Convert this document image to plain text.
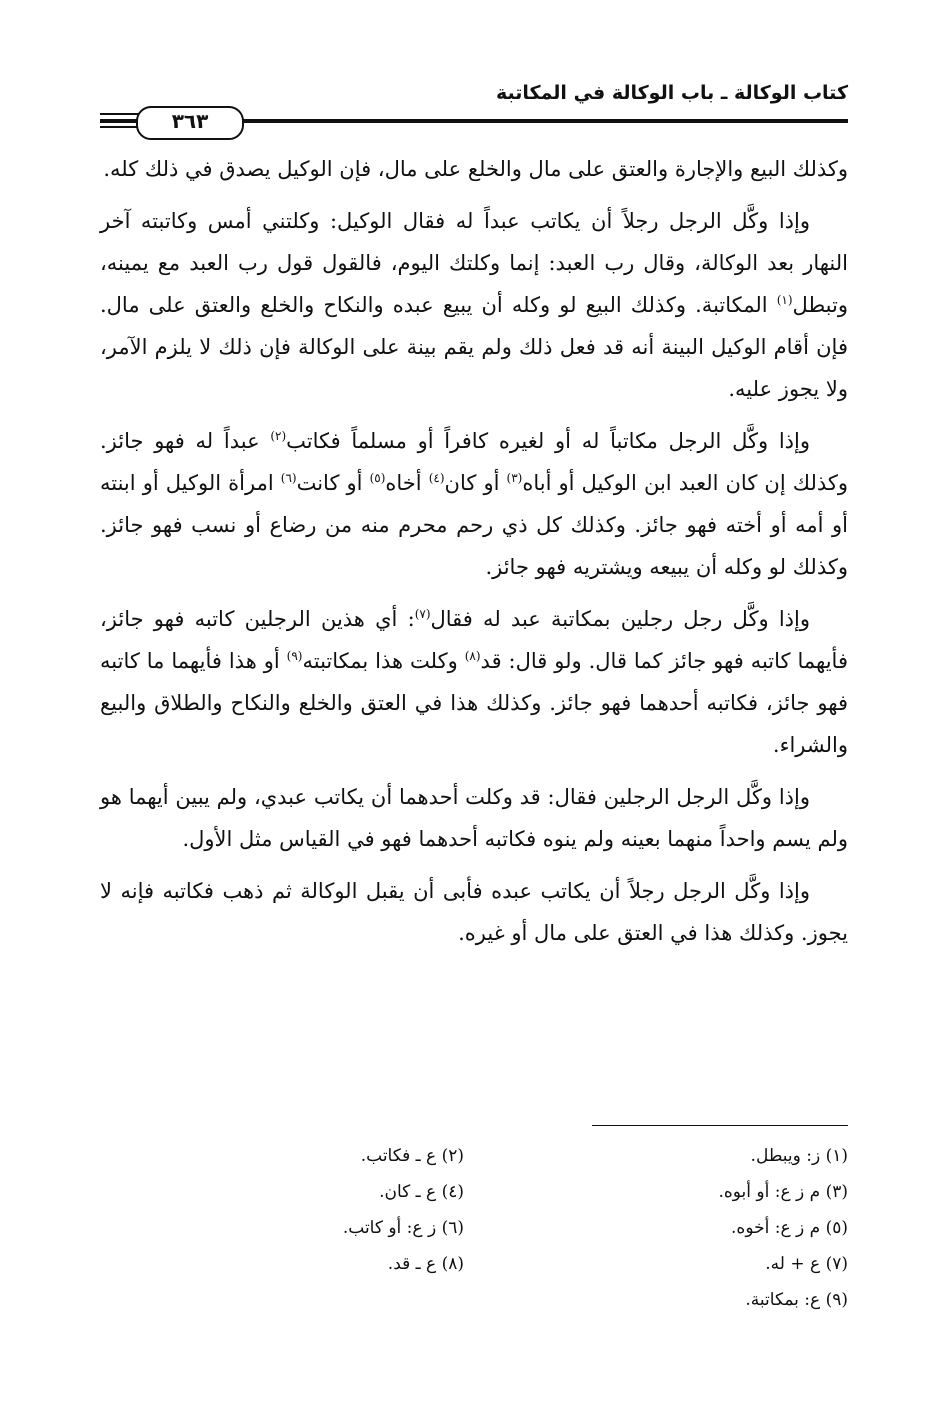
كتاب الوكالة ـ باب الوكالة في المكاتبة
٣٦٣

وكذلك البيع والإجارة والعتق على مال والخلع على مال، فإن الوكيل يصدق في ذلك كله.

وإذا وكَّل الرجل رجلاً أن يكاتب عبداً له فقال الوكيل: وكلتني أمس وكاتبته آخر النهار بعد الوكالة، وقال رب العبد: إنما وكلتك اليوم، فالقول قول رب العبد مع يمينه، وتبطل$^{(١)}$ المكاتبة. وكذلك البيع لو وكله أن يبيع عبده والنكاح والخلع والعتق على مال. فإن أقام الوكيل البينة أنه قد فعل ذلك ولم يقم بينة على الوكالة فإن ذلك لا يلزم الآمر، ولا يجوز عليه.

وإذا وكَّل الرجل مكاتباً له أو لغيره كافراً أو مسلماً فكاتب$^{(٢)}$ عبداً له فهو جائز. وكذلك إن كان العبد ابن الوكيل أو أباه$^{(٣)}$ أو كان$^{(٤)}$ أخاه$^{(٥)}$ أو كانت$^{(٦)}$ امرأة الوكيل أو ابنته أو أمه أو أخته فهو جائز. وكذلك كل ذي رحم محرم منه من رضاع أو نسب فهو جائز. وكذلك لو وكله أن يبيعه ويشتريه فهو جائز.

وإذا وكَّل رجل رجلين بمكاتبة عبد له فقال$^{(٧)}$: أي هذين الرجلين كاتبه فهو جائز، فأيهما كاتبه فهو جائز كما قال. ولو قال: قد$^{(٨)}$ وكلت هذا بمكاتبته$^{(٩)}$ أو هذا فأيهما ما كاتبه فهو جائز، فكاتبه أحدهما فهو جائز. وكذلك هذا في العتق والخلع والنكاح والطلاق والبيع والشراء.

وإذا وكَّل الرجل الرجلين فقال: قد وكلت أحدهما أن يكاتب عبدي، ولم يبين أيهما هو ولم يسم واحداً منهما بعينه ولم ينوه فكاتبه أحدهما فهو في القياس مثل الأول.

وإذا وكَّل الرجل رجلاً أن يكاتب عبده فأبى أن يقبل الوكالة ثم ذهب فكاتبه فإنه لا يجوز. وكذلك هذا في العتق على مال أو غيره.

(١) ز: ويبطل.
(٣) م ز ع: أو أبوه.
(٥) م ز ع: أخوه.
(٧) ع + له.
(٩) ع: بمكاتبة.
(٢) ع ـ فكاتب.
(٤) ع ـ كان.
(٦) ز ع: أو كاتب.
(٨) ع ـ قد.
